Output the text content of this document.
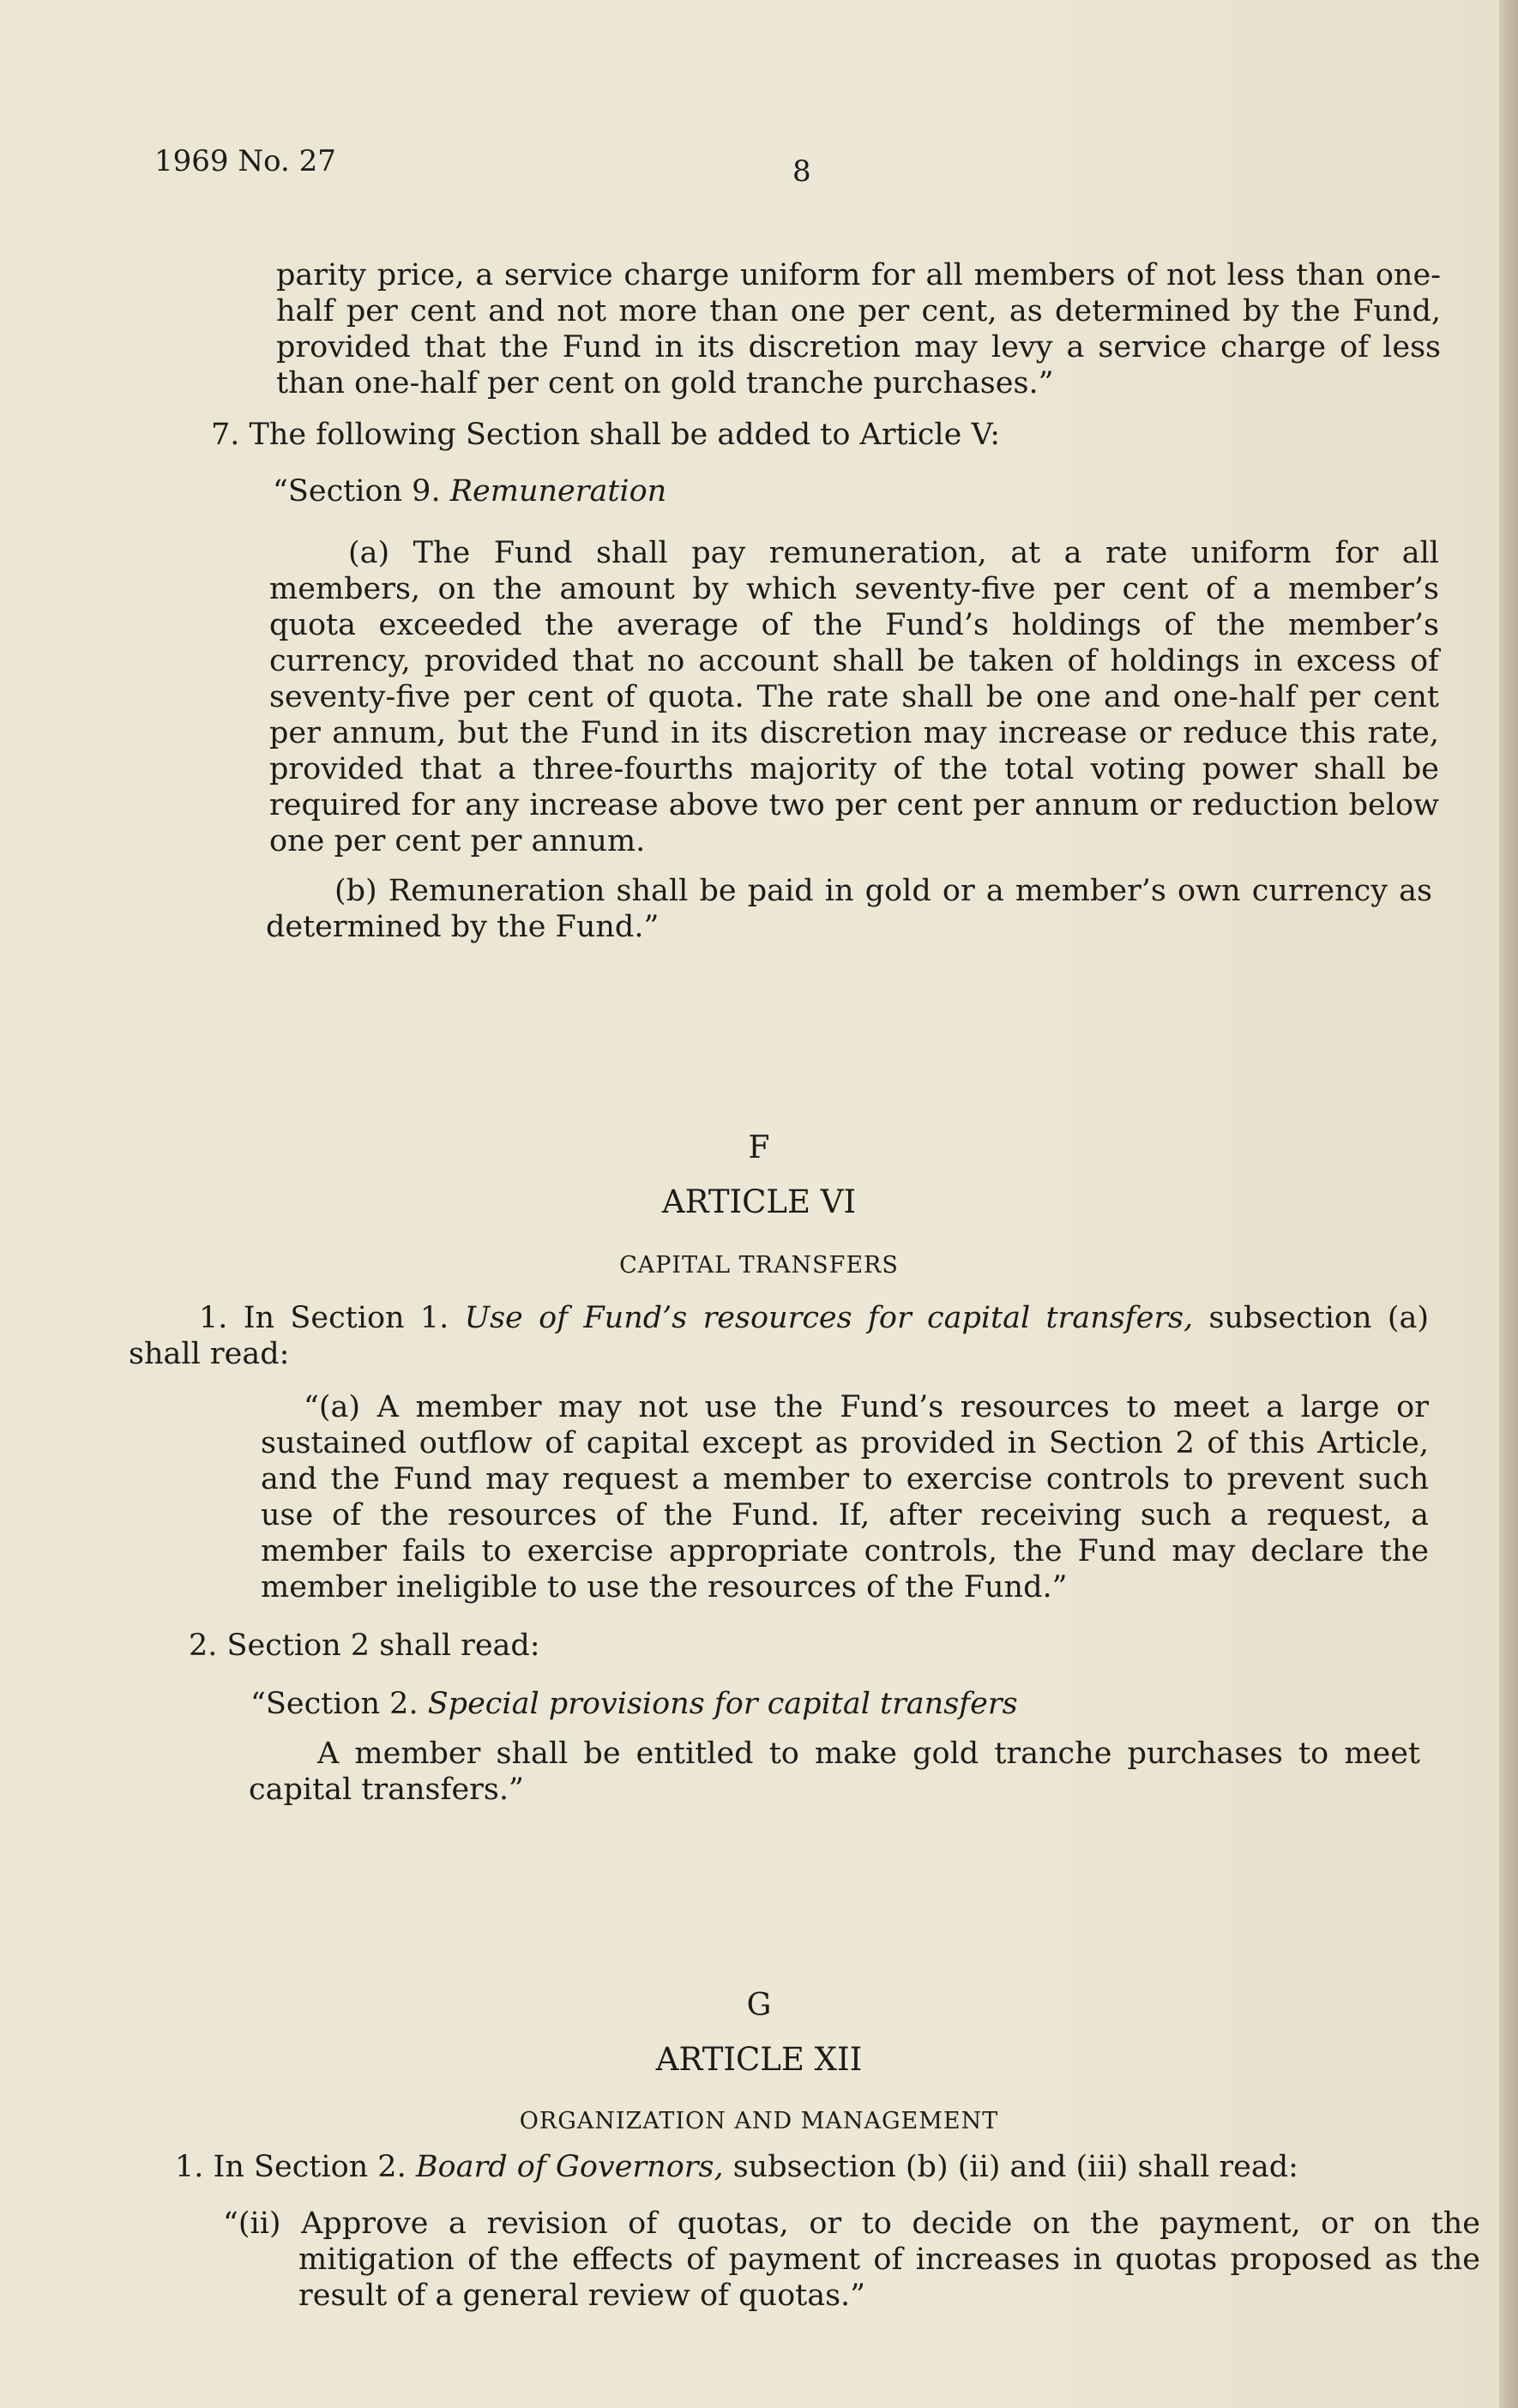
1969 No. 27	8

parity price, a service charge uniform for all members of not less than one-half per cent and not more than one per cent, as determined by the Fund, provided that the Fund in its discretion may levy a service charge of less than one-half per cent on gold tranche purchases.”

7. The following Section shall be added to Article V:

“Section 9. Remuneration

(a) The Fund shall pay remuneration, at a rate uniform for all members, on the amount by which seventy-five per cent of a member’s quota exceeded the average of the Fund’s holdings of the member’s currency, provided that no account shall be taken of holdings in excess of seventy-five per cent of quota. The rate shall be one and one-half per cent per annum, but the Fund in its discretion may increase or reduce this rate, provided that a three-fourths majority of the total voting power shall be required for any increase above two per cent per annum or reduction below one per cent per annum.

(b) Remuneration shall be paid in gold or a member’s own currency as determined by the Fund.”

F
ARTICLE VI
CAPITAL TRANSFERS

1. In Section 1. Use of Fund’s resources for capital transfers, subsection (a) shall read:

“(a) A member may not use the Fund’s resources to meet a large or sustained outflow of capital except as provided in Section 2 of this Article, and the Fund may request a member to exercise controls to prevent such use of the resources of the Fund. If, after receiving such a request, a member fails to exercise appropriate controls, the Fund may declare the member ineligible to use the resources of the Fund.”

2. Section 2 shall read:

“Section 2. Special provisions for capital transfers

A member shall be entitled to make gold tranche purchases to meet capital transfers.”

G
ARTICLE XII
ORGANIZATION AND MANAGEMENT

1. In Section 2. Board of Governors, subsection (b) (ii) and (iii) shall read:

“(ii) Approve a revision of quotas, or to decide on the payment, or on the mitigation of the effects of payment of increases in quotas proposed as the result of a general review of quotas.”
